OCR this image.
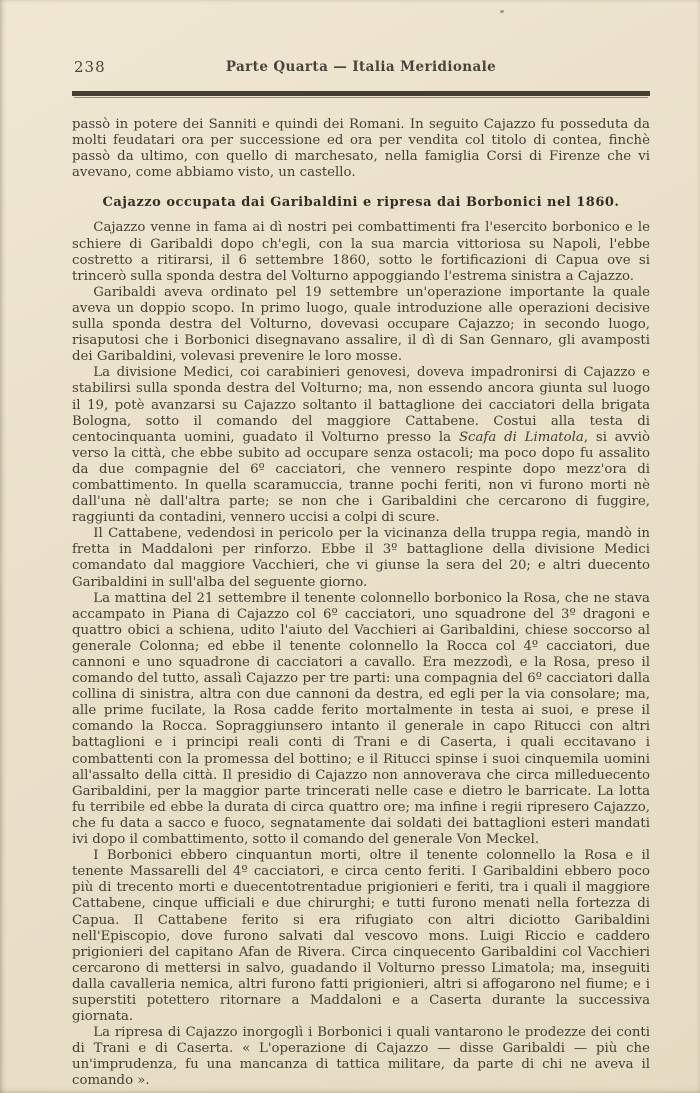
238	Parte Quarta — Italia Meridionale

passò in potere dei Sanniti e quindi dei Romani. In seguito Cajazzo fu posseduta da molti feudatari ora per successione ed ora per vendita col titolo di contea, finchè passò da ultimo, con quello di marchesato, nella famiglia Corsi di Firenze che vi avevano, come abbiamo visto, un castello.

Cajazzo occupata dai Garibaldini e ripresa dai Borbonici nel 1860.

Cajazzo venne in fama ai dì nostri pei combattimenti fra l'esercito borbonico e le schiere di Garibaldi dopo ch'egli, con la sua marcia vittoriosa su Napoli, l'ebbe costretto a ritirarsi, il 6 settembre 1860, sotto le fortificazioni di Capua ove si trincerò sulla sponda destra del Volturno appoggiando l'estrema sinistra a Cajazzo.

Garibaldi aveva ordinato pel 19 settembre un'operazione importante la quale aveva un doppio scopo. In primo luogo, quale introduzione alle operazioni decisive sulla sponda destra del Volturno, dovevasi occupare Cajazzo; in secondo luogo, risaputosi che i Borbonici disegnavano assalire, il dì di San Gennaro, gli avamposti dei Garibaldini, volevasi prevenire le loro mosse.

La divisione Medici, coi carabinieri genovesi, doveva impadronirsi di Cajazzo e stabilirsi sulla sponda destra del Volturno; ma, non essendo ancora giunta sul luogo il 19, potè avanzarsi su Cajazzo soltanto il battaglione dei cacciatori della brigata Bologna, sotto il comando del maggiore Cattabene. Costui alla testa di centocinquanta uomini, guadato il Volturno presso la Scafa di Limatola, si avviò verso la città, che ebbe subito ad occupare senza ostacoli; ma poco dopo fu assalito da due compagnie del 6º cacciatori, che vennero respinte dopo mezz'ora di combattimento. In quella scaramuccia, tranne pochi feriti, non vi furono morti nè dall'una nè dall'altra parte; se non che i Garibaldini che cercarono di fuggire, raggiunti da contadini, vennero uccisi a colpi di scure.

Il Cattabene, vedendosi in pericolo per la vicinanza della truppa regia, mandò in fretta in Maddaloni per rinforzo. Ebbe il 3º battaglione della divisione Medici comandato dal maggiore Vacchieri, che vi giunse la sera del 20; e altri duecento Garibaldini in sull'alba del seguente giorno.

La mattina del 21 settembre il tenente colonnello borbonico la Rosa, che ne stava accampato in Piana di Cajazzo col 6º cacciatori, uno squadrone del 3º dragoni e quattro obici a schiena, udito l'aiuto del Vacchieri ai Garibaldini, chiese soccorso al generale Colonna; ed ebbe il tenente colonnello la Rocca col 4º cacciatori, due cannoni e uno squadrone di cacciatori a cavallo. Era mezzodì, e la Rosa, preso il comando del tutto, assalì Cajazzo per tre parti: una compagnia del 6º cacciatori dalla collina di sinistra, altra con due cannoni da destra, ed egli per la via consolare; ma, alle prime fucilate, la Rosa cadde ferito mortalmente in testa ai suoi, e prese il comando la Rocca. Sopraggiunsero intanto il generale in capo Ritucci con altri battaglioni e i principi reali conti di Trani e di Caserta, i quali eccitavano i combattenti con la promessa del bottino; e il Ritucci spinse i suoi cinquemila uomini all'assalto della città. Il presidio di Cajazzo non annoverava che circa milleduecento Garibaldini, per la maggior parte trincerati nelle case e dietro le barricate. La lotta fu terribile ed ebbe la durata di circa quattro ore; ma infine i regii ripresero Cajazzo, che fu data a sacco e fuoco, segnatamente dai soldati dei battaglioni esteri mandati ivi dopo il combattimento, sotto il comando del generale Von Meckel.

I Borbonici ebbero cinquantun morti, oltre il tenente colonnello la Rosa e il tenente Massarelli del 4º cacciatori, e circa cento feriti. I Garibaldini ebbero poco più di trecento morti e duecentotrentadue prigionieri e feriti, tra i quali il maggiore Cattabene, cinque ufficiali e due chirurghi; e tutti furono menati nella fortezza di Capua. Il Cattabene ferito si era rifugiato con altri diciotto Garibaldini nell'Episcopio, dove furono salvati dal vescovo mons. Luigi Riccio e caddero prigionieri del capitano Afan de Rivera. Circa cinquecento Garibaldini col Vacchieri cercarono di mettersi in salvo, guadando il Volturno presso Limatola; ma, inseguiti dalla cavalleria nemica, altri furono fatti prigionieri, altri si affogarono nel fiume; e i superstiti potettero ritornare a Maddaloni e a Caserta durante la successiva giornata.

La ripresa di Cajazzo inorgoglì i Borbonici i quali vantarono le prodezze dei conti di Trani e di Caserta. « L'operazione di Cajazzo — disse Garibaldi — più che un'imprudenza, fu una mancanza di tattica militare, da parte di chi ne aveva il comando ».
